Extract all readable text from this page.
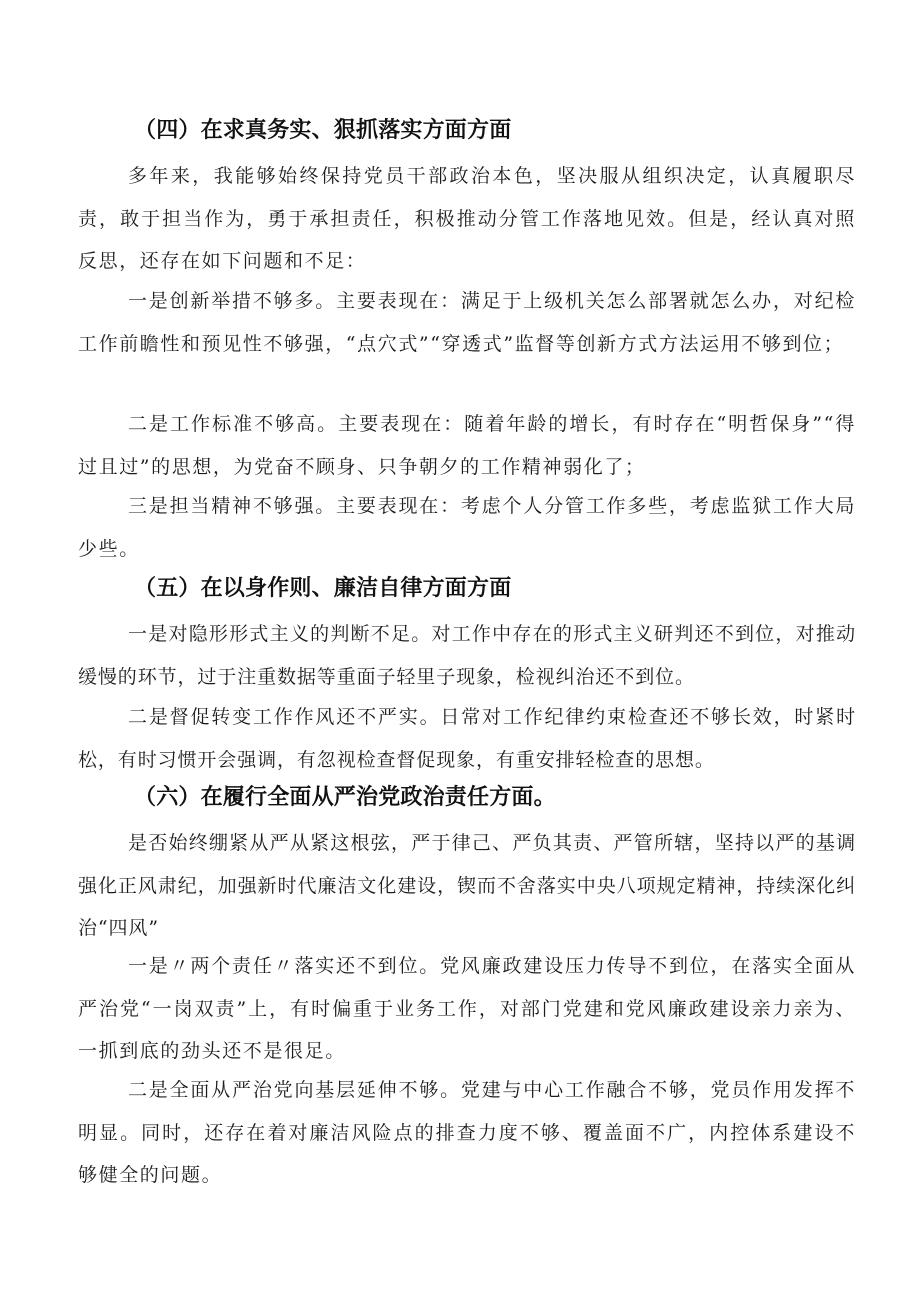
（四）在求真务实、狠抓落实方面方面

多年来，我能够始终保持党员干部政治本色，坚决服从组织决定，认真履职尽责，敢于担当作为，勇于承担责任，积极推动分管工作落地见效。但是，经认真对照反思，还存在如下问题和不足：

一是创新举措不够多。主要表现在：满足于上级机关怎么部署就怎么办，对纪检工作前瞻性和预见性不够强，“点穴式”“穿透式”监督等创新方式方法运用不够到位；

二是工作标准不够高。主要表现在：随着年龄的增长，有时存在“明哲保身”“得过且过”的思想，为党奋不顾身、只争朝夕的工作精神弱化了；

三是担当精神不够强。主要表现在：考虑个人分管工作多些，考虑监狱工作大局少些。

（五）在以身作则、廉洁自律方面方面

一是对隐形形式主义的判断不足。对工作中存在的形式主义研判还不到位，对推动缓慢的环节，过于注重数据等重面子轻里子现象，检视纠治还不到位。

二是督促转变工作作风还不严实。日常对工作纪律约束检查还不够长效，时紧时松，有时习惯开会强调，有忽视检查督促现象，有重安排轻检查的思想。

（六）在履行全面从严治党政治责任方面。

是否始终绷紧从严从紧这根弦，严于律己、严负其责、严管所辖，坚持以严的基调强化正风肃纪，加强新时代廉洁文化建设，锲而不舍落实中央八项规定精神，持续深化纠治“四风”

一是〃两个责任〃落实还不到位。党风廉政建设压力传导不到位，在落实全面从严治党“一岗双责”上，有时偏重于业务工作，对部门党建和党风廉政建设亲力亲为、一抓到底的劲头还不是很足。

二是全面从严治党向基层延伸不够。党建与中心工作融合不够，党员作用发挥不明显。同时，还存在着对廉洁风险点的排查力度不够、覆盖面不广，内控体系建设不够健全的问题。
